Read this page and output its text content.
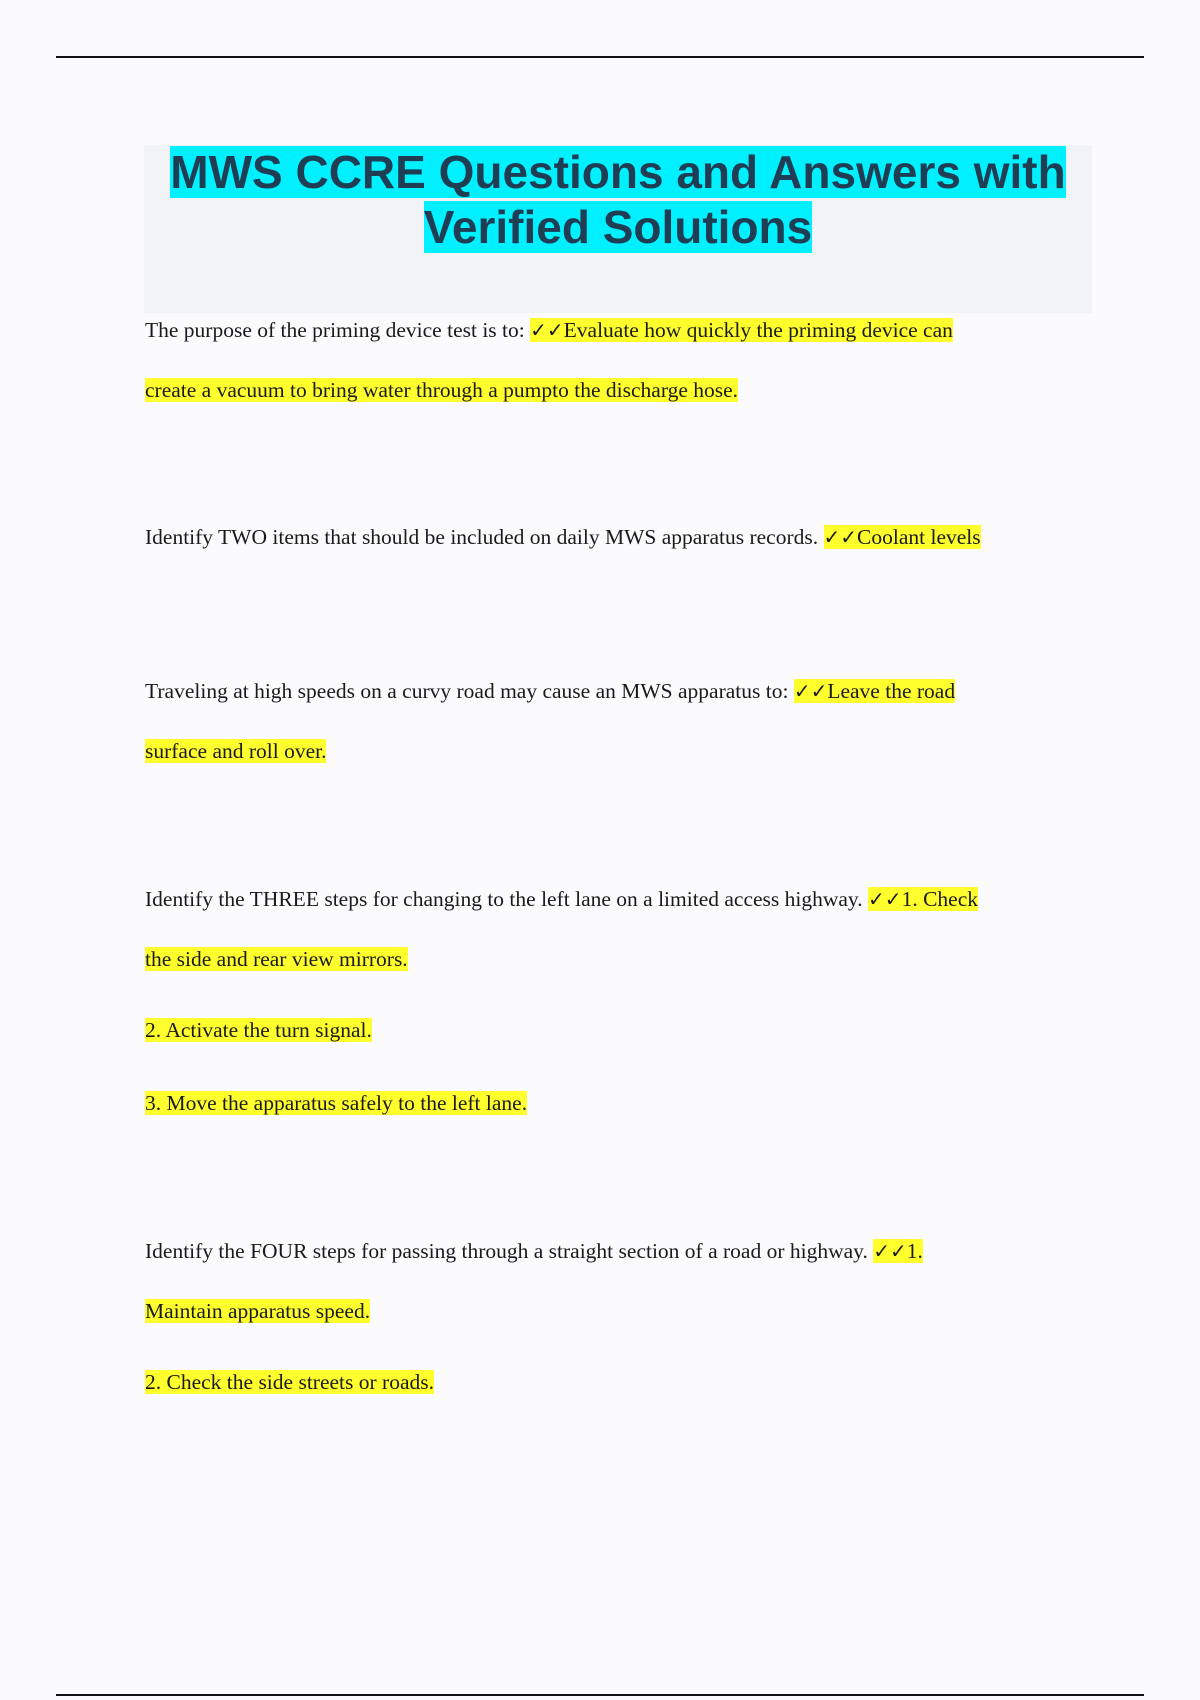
MWS CCRE Questions and Answers with
Verified Solutions

The purpose of the priming device test is to: ✓✓Evaluate how quickly the priming device can
create a vacuum to bring water through a pumpto the discharge hose.

Identify TWO items that should be included on daily MWS apparatus records. ✓✓Coolant levels

Traveling at high speeds on a curvy road may cause an MWS apparatus to: ✓✓Leave the road
surface and roll over.

Identify the THREE steps for changing to the left lane on a limited access highway. ✓✓1. Check
the side and rear view mirrors.

2. Activate the turn signal.

3. Move the apparatus safely to the left lane.

Identify the FOUR steps for passing through a straight section of a road or highway. ✓✓1.
Maintain apparatus speed.

2. Check the side streets or roads.
